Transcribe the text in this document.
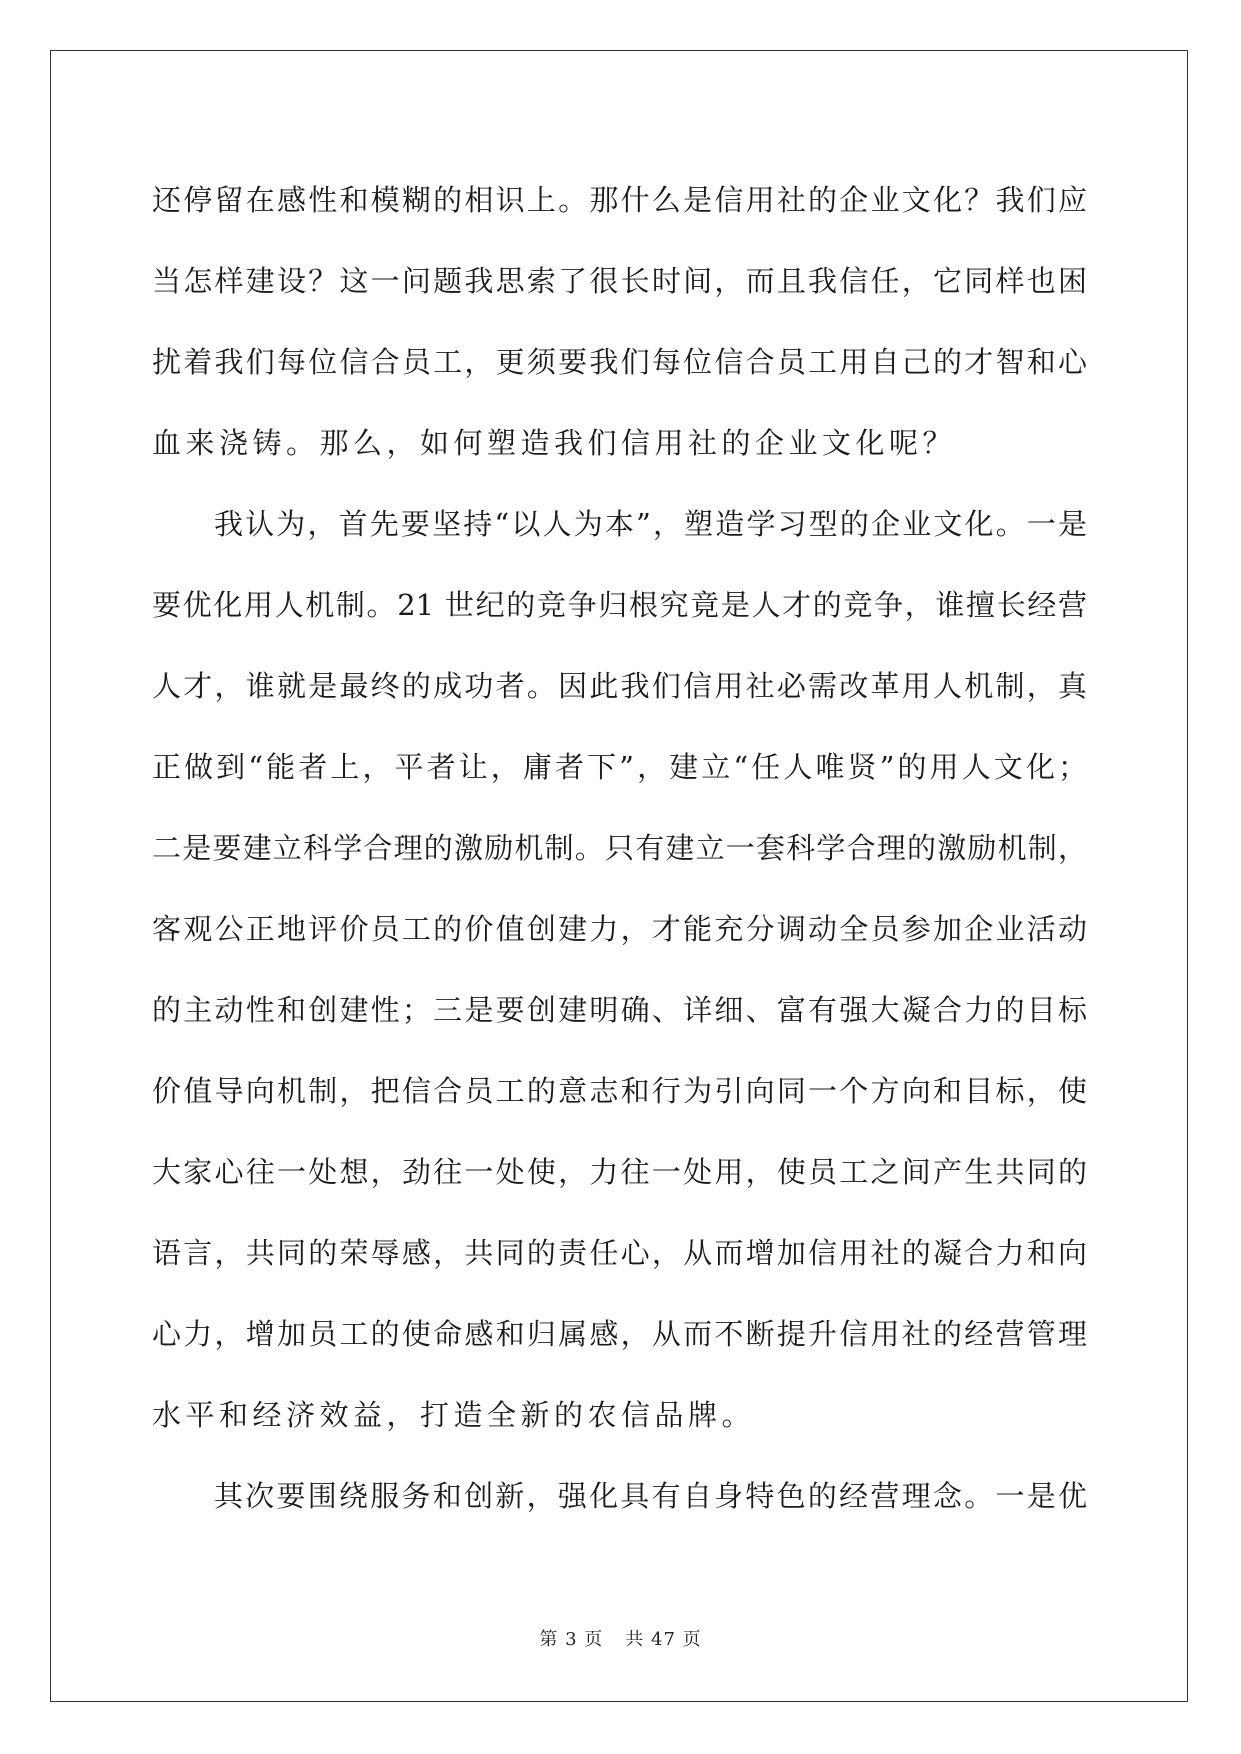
还停留在感性和模糊的相识上。那什么是信用社的企业文化？我们应

当怎样建设？这一问题我思索了很长时间，而且我信任，它同样也困

扰着我们每位信合员工，更须要我们每位信合员工用自己的才智和心

血来浇铸。那么，如何塑造我们信用社的企业文化呢？

我认为，首先要坚持“以人为本”，塑造学习型的企业文化。一是

要优化用人机制。21 世纪的竞争归根究竟是人才的竞争，谁擅长经营

人才，谁就是最终的成功者。因此我们信用社必需改革用人机制，真

正做到“能者上，平者让，庸者下”，建立“任人唯贤”的用人文化；

二是要建立科学合理的激励机制。只有建立一套科学合理的激励机制，

客观公正地评价员工的价值创建力，才能充分调动全员参加企业活动

的主动性和创建性；三是要创建明确、详细、富有强大凝合力的目标

价值导向机制，把信合员工的意志和行为引向同一个方向和目标，使

大家心往一处想，劲往一处使，力往一处用，使员工之间产生共同的

语言，共同的荣辱感，共同的责任心，从而增加信用社的凝合力和向

心力，增加员工的使命感和归属感，从而不断提升信用社的经营管理

水平和经济效益，打造全新的农信品牌。

其次要围绕服务和创新，强化具有自身特色的经营理念。一是优

第 3 页 共 47 页
